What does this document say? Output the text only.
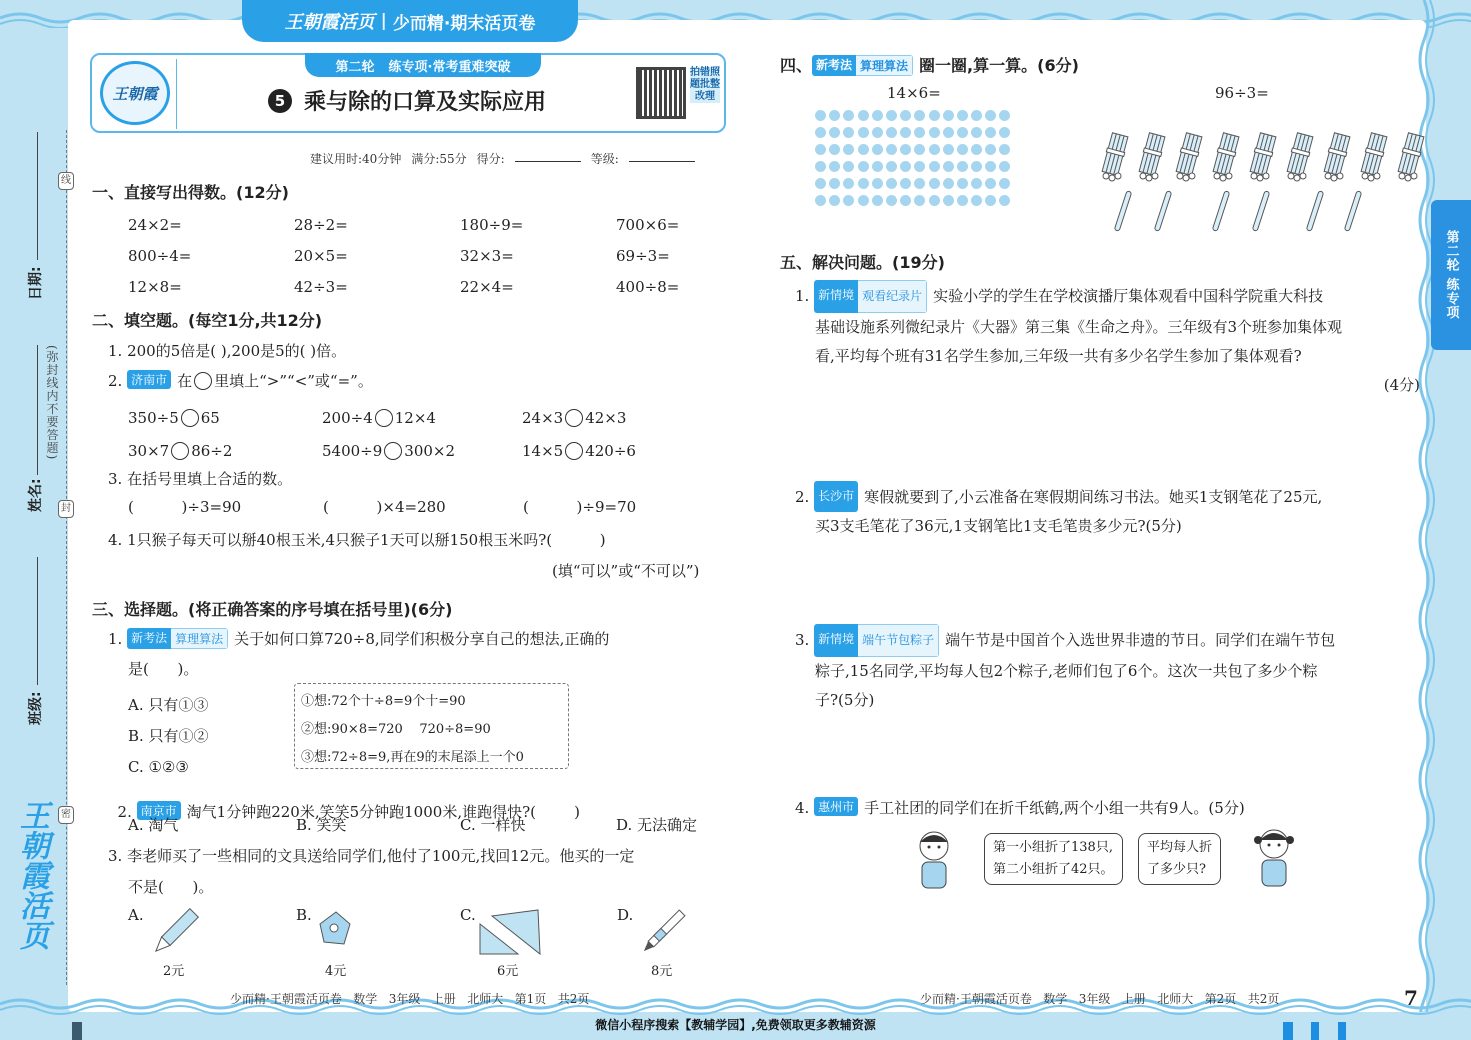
微信小程序搜索【教辅学园】,免费领取更多教辅资源
王朝霞活页 | 少而精·期末活页卷
王朝霞
第二轮 练专项·常考重难突破
5 乘与除的口算及实际应用
拍错照题批整改理
建议用时:40分钟 满分:55分 得分:	等级:
线
封
密
日期:
姓名:
(弥封线内不要答题)
班级:
王朝霞活页
一、直接写出得数。(12分)
24×2=	28÷2=	180÷9=	700×6=
800÷4=	20×5=	32×3=	69÷3=
12×8=	42÷3=	22×4=	400÷8=
二、填空题。(每空1分,共12分)
1. 200的5倍是( ),200是5的( )倍。
2. 济南市 在 里填上“>”“<”或“=”。
350÷5 65	200÷4 12×4	24×3 42×3
30×7 86÷2	5400÷9 300×2	14×5 420÷6
3. 在括号里填上合适的数。
(          )÷3=90	(          )×4=280	(          )÷9=70
4. 1只猴子每天可以掰40根玉米,4只猴子1天可以掰150根玉米吗?(          )
(填“可以”或“不可以”)
三、选择题。(将正确答案的序号填在括号里)(6分)
1. 新考法 算理算法 关于如何口算720÷8,同学们积极分享自己的想法,正确的
是(      )。
A. 只有①③
B. 只有①②
C. ①②③
①想:72个十÷8=9个十=90
②想:90×8=720    720÷8=90
③想:72÷8=9,再在9的末尾添上一个0

2. 南京市 淘气1分钟跑220米,笑笑5分钟跑1000米,谁跑得快?(        )

A. 淘气	B. 笑笑	C. 一样快	D. 无法确定
3. 李老师买了一些相同的文具送给同学们,他付了100元,找回12元。他买的一定
不是(      )。
A.
2元
B.
4元
C.
6元
D.
8元
少而精·王朝霞活页卷   数学   3年级   上册   北师大   第1页   共2页
四、 新考法 算理算法 圈一圈,算一算。(6分)
14×6=	96÷3=
五、解决问题。(19分)
1. 新情境 观看纪录片 实验小学的学生在学校演播厅集体观看中国科学院重大科技
基础设施系列微纪录片《大器》第三集《生命之舟》。三年级有3个班参加集体观
看,平均每个班有31名学生参加,三年级一共有多少名学生参加了集体观看?
(4分)
2. 长沙市 寒假就要到了,小云准备在寒假期间练习书法。她买1支钢笔花了25元,
买3支毛笔花了36元,1支钢笔比1支毛笔贵多少元?(5分)
3. 新情境 端午节包粽子 端午节是中国首个入选世界非遗的节日。同学们在端午节包
粽子,15名同学,平均每人包2个粽子,老师们包了6个。这次一共包了多少个粽
子?(5分)
4. 惠州市 手工社团的同学们在折千纸鹤,两个小组一共有9人。(5分)
第一小组折了138只,
第二小组折了42只。
平均每人折
了多少只?
少而精·王朝霞活页卷   数学   3年级   上册   北师大   第2页   共2页	7
第二轮 练专项
